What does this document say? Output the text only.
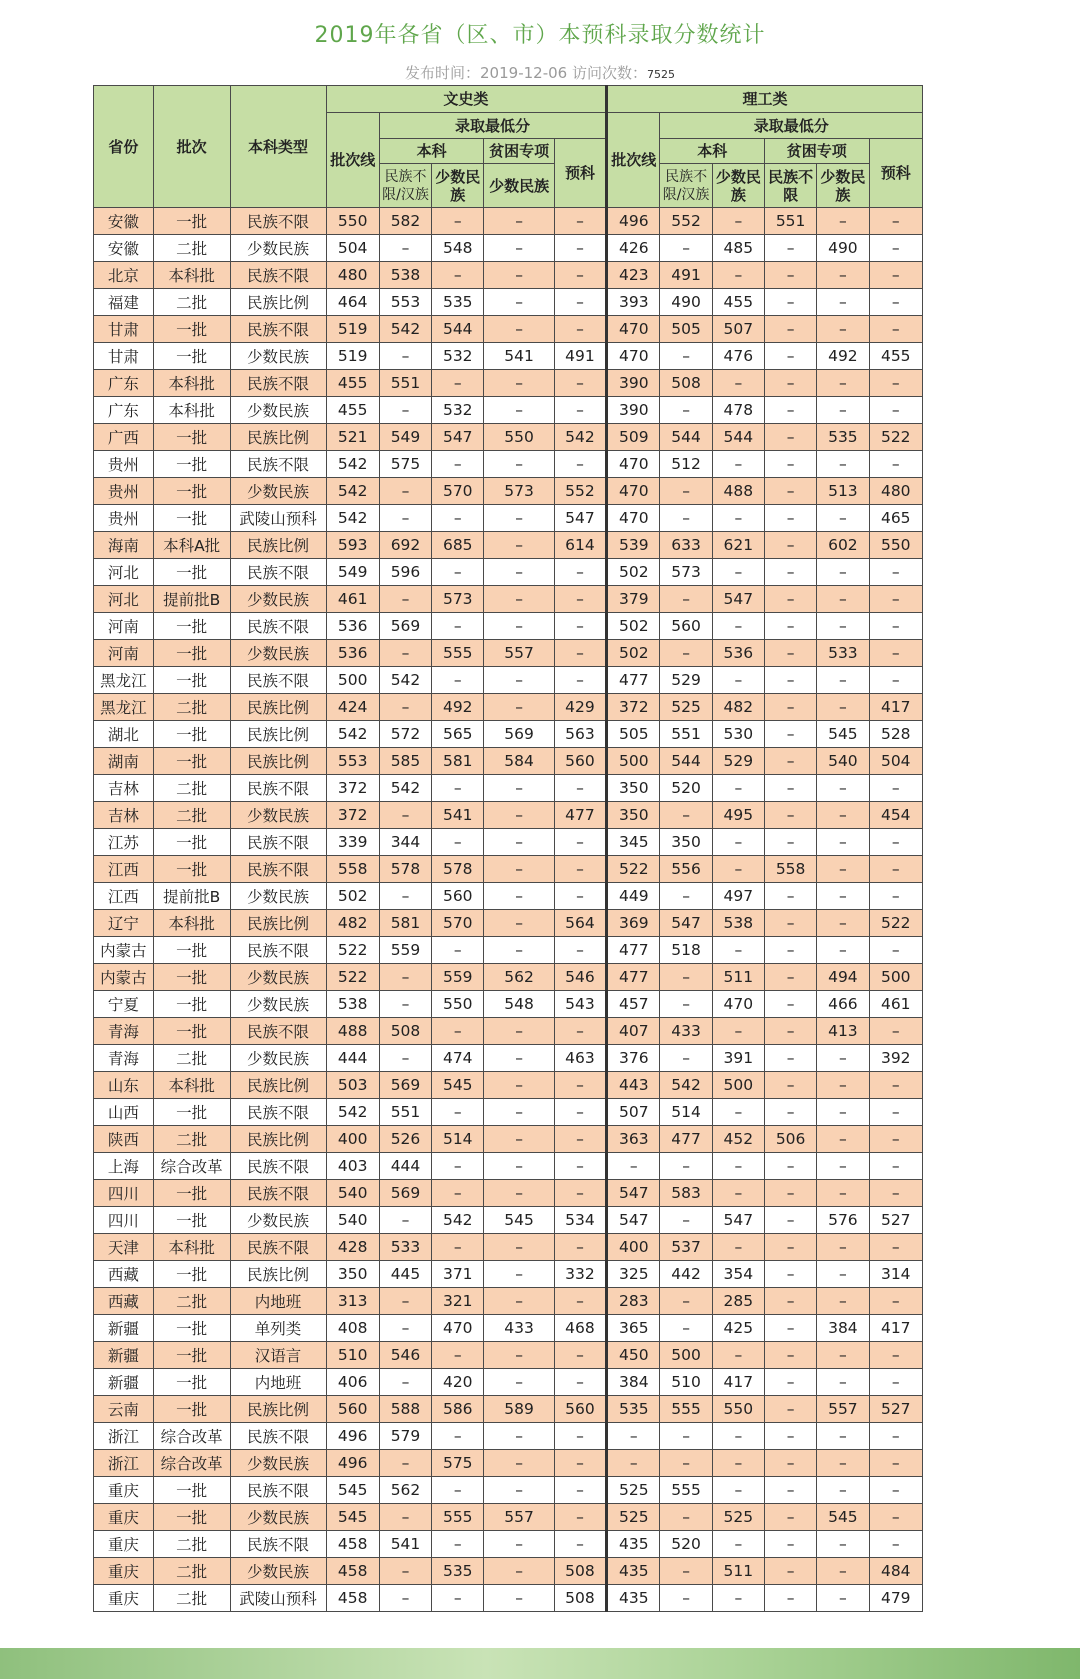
2019年各省（区、市）本预科录取分数统计
发布时间：2019-12-06 访问次数：7525
省份	批次	本科类型	文史类					理工类					
			批次线	录取最低分				批次线	录取最低分				
				本科		贫困专项	预科		本科		贫困专项		预科
				民族不限/汉族	少数民族	少数民族			民族不限/汉族	少数民族	民族不限	少数民族	
安徽	一批	民族不限	550	582	–	–	–	496	552	–	551	–	–
安徽	二批	少数民族	504	–	548	–	–	426	–	485	–	490	–
北京	本科批	民族不限	480	538	–	–	–	423	491	–	–	–	–
福建	二批	民族比例	464	553	535	–	–	393	490	455	–	–	–
甘肃	一批	民族不限	519	542	544	–	–	470	505	507	–	–	–
甘肃	一批	少数民族	519	–	532	541	491	470	–	476	–	492	455
广东	本科批	民族不限	455	551	–	–	–	390	508	–	–	–	–
广东	本科批	少数民族	455	–	532	–	–	390	–	478	–	–	–
广西	一批	民族比例	521	549	547	550	542	509	544	544	–	535	522
贵州	一批	民族不限	542	575	–	–	–	470	512	–	–	–	–
贵州	一批	少数民族	542	–	570	573	552	470	–	488	–	513	480
贵州	一批	武陵山预科	542	–	–	–	547	470	–	–	–	–	465
海南	本科A批	民族比例	593	692	685	–	614	539	633	621	–	602	550
河北	一批	民族不限	549	596	–	–	–	502	573	–	–	–	–
河北	提前批B	少数民族	461	–	573	–	–	379	–	547	–	–	–
河南	一批	民族不限	536	569	–	–	–	502	560	–	–	–	–
河南	一批	少数民族	536	–	555	557	–	502	–	536	–	533	–
黑龙江	一批	民族不限	500	542	–	–	–	477	529	–	–	–	–
黑龙江	二批	民族比例	424	–	492	–	429	372	525	482	–	–	417
湖北	一批	民族比例	542	572	565	569	563	505	551	530	–	545	528
湖南	一批	民族比例	553	585	581	584	560	500	544	529	–	540	504
吉林	二批	民族不限	372	542	–	–	–	350	520	–	–	–	–
吉林	二批	少数民族	372	–	541	–	477	350	–	495	–	–	454
江苏	一批	民族不限	339	344	–	–	–	345	350	–	–	–	–
江西	一批	民族不限	558	578	578	–	–	522	556	–	558	–	–
江西	提前批B	少数民族	502	–	560	–	–	449	–	497	–	–	–
辽宁	本科批	民族比例	482	581	570	–	564	369	547	538	–	–	522
内蒙古	一批	民族不限	522	559	–	–	–	477	518	–	–	–	–
内蒙古	一批	少数民族	522	–	559	562	546	477	–	511	–	494	500
宁夏	一批	少数民族	538	–	550	548	543	457	–	470	–	466	461
青海	一批	民族不限	488	508	–	–	–	407	433	–	–	413	–
青海	二批	少数民族	444	–	474	–	463	376	–	391	–	–	392
山东	本科批	民族比例	503	569	545	–	–	443	542	500	–	–	–
山西	一批	民族不限	542	551	–	–	–	507	514	–	–	–	–
陕西	二批	民族比例	400	526	514	–	–	363	477	452	506	–	–
上海	综合改革	民族不限	403	444	–	–	–	–	–	–	–	–	–
四川	一批	民族不限	540	569	–	–	–	547	583	–	–	–	–
四川	一批	少数民族	540	–	542	545	534	547	–	547	–	576	527
天津	本科批	民族不限	428	533	–	–	–	400	537	–	–	–	–
西藏	一批	民族比例	350	445	371	–	332	325	442	354	–	–	314
西藏	二批	内地班	313	–	321	–	–	283	–	285	–	–	–
新疆	一批	单列类	408	–	470	433	468	365	–	425	–	384	417
新疆	一批	汉语言	510	546	–	–	–	450	500	–	–	–	–
新疆	一批	内地班	406	–	420	–	–	384	510	417	–	–	–
云南	一批	民族比例	560	588	586	589	560	535	555	550	–	557	527
浙江	综合改革	民族不限	496	579	–	–	–	–	–	–	–	–	–
浙江	综合改革	少数民族	496	–	575	–	–	–	–	–	–	–	–
重庆	一批	民族不限	545	562	–	–	–	525	555	–	–	–	–
重庆	一批	少数民族	545	–	555	557	–	525	–	525	–	545	–
重庆	二批	民族不限	458	541	–	–	–	435	520	–	–	–	–
重庆	二批	少数民族	458	–	535	–	508	435	–	511	–	–	484
重庆	二批	武陵山预科	458	–	–	–	508	435	–	–	–	–	479
